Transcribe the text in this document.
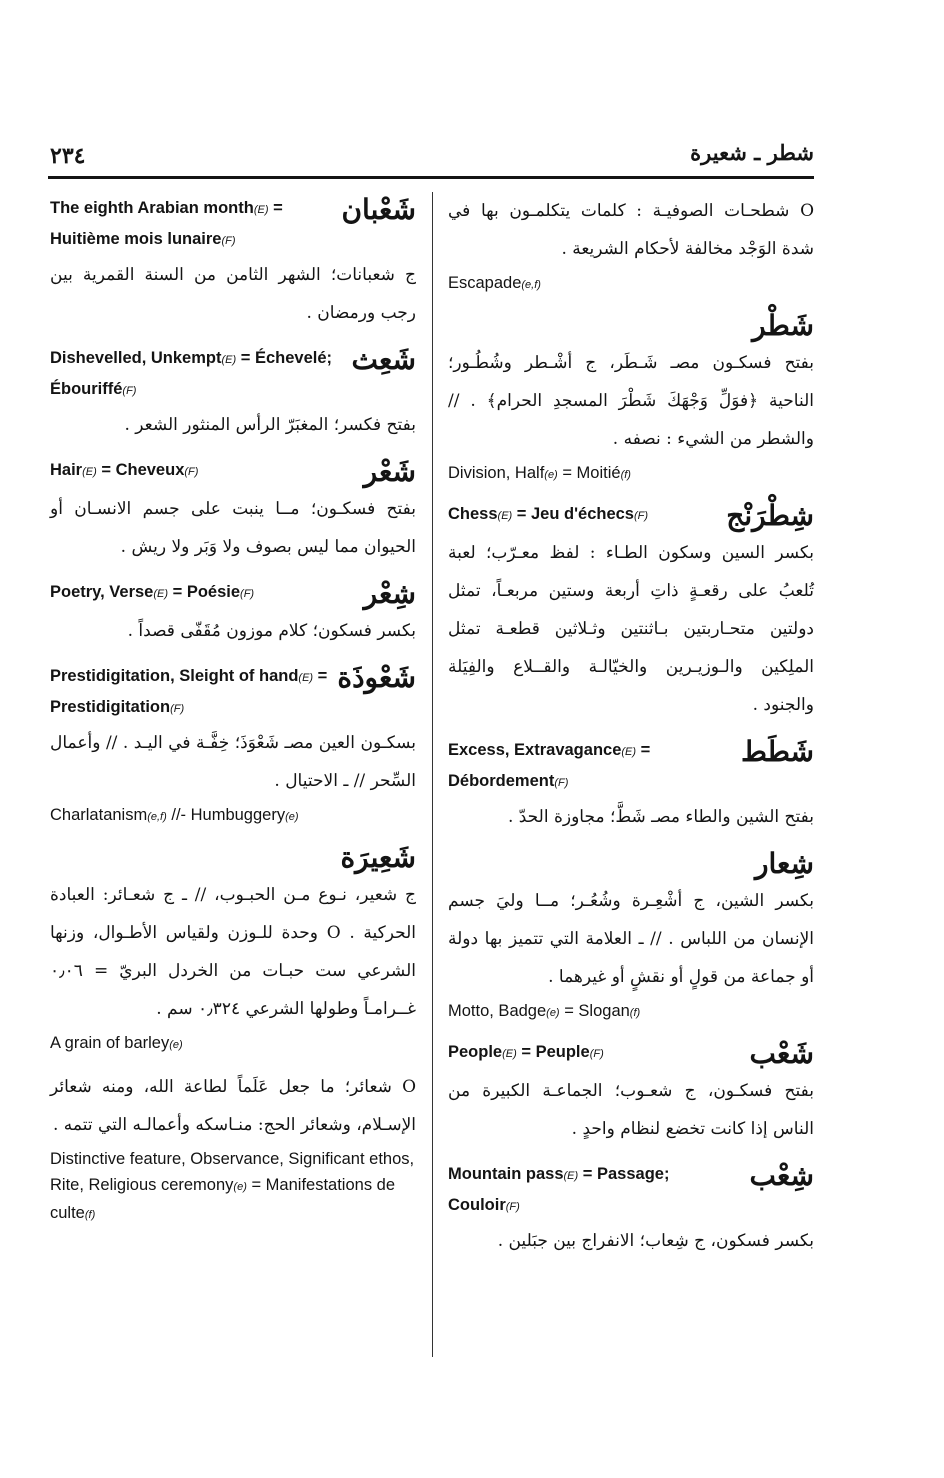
٢٣٤	شطر ـ شعيرة
The eighth Arabian month(E) = Huitième mois lunaire(F)
شَعْبان
ج شعبانات؛ الشهر الثامن من السنة القمرية بين رجب ورمضان .
Dishevelled, Unkempt(E) = Échevelé; Ébouriffé(F)
شَعِث
بفتح فكسر؛ المغبَرّ الرأس المنثور الشعر .
Hair(E) = Cheveux(F)	شَعْر
بفتح فسكـون؛ مــا ينبت على جسم الانسـان أو الحيوان مما ليس بصوف ولا وَبَر ولا ريش .
Poetry, Verse(E) = Poésie(F)	شِعْر
بكسر فسكون؛ كلام موزون مُقَفّى قصداً .
Prestidigitation, Sleight of hand(E) = Prestidigitation(F)
شَعْوذَة
بسكـون العين مصـ شَعْوَذَ؛ خِفَّـة في اليـد . // وأعمال السِّحر // ـ الاحتيال .
Charlatanism(e,f) //- Humbuggery(e)
شَعِيرَة
ج شعير، نـوع مـن الحبـوب، // ـ ج شعـائر: العبادة الحركية . O وحدة للـوزن ولقياس الأطـوال، وزنها الشرعي ست حبـات من الخردل البريّ = ٠٫٠٦ غــرامـاً وطولها الشرعي ٠٫٣٢٤ سم .
A grain of barley(e)
O شعائر؛ ما جعل عَلَماً لطاعة الله، ومنه شعائر الإسـلام، وشعائر الحج: منـاسكه وأعمالـه التي تتمه .
Distinctive feature, Observance, Significant ethos, Rite, Religious ceremony(e) = Manifestations de culte(f)
O شطحـات الصوفيـة : كلمات يتكلمـون بها في شدة الوَجْد مخالفة لأحكام الشريعة .
Escapade(e,f)
شَطْر
بفتح فسكـون مصـ شَـطَر، ج أشْـطر وشُطُـور؛ الناحية ﴿فوَلِّ وَجْهَكَ شَطْرَ المسجدِ الحرام﴾ . // والشطر من الشيء : نصفه .
Division, Half(e) = Moitié(f)
Chess(E) = Jeu d'échecs(F)	شِطْرَنْج
بكسر السين وسكون الطـاء : لفظ معـرّب؛ لعبة تُلعبُ على رقعـةٍ ذاتِ أربعة وستين مربعـاً، تمثل دولتين متحـاربتين بـاثنتين وثـلاثين قطعـة تمثل الملِكين والـوزيـرين والخيّالـة والقــلاع والفِيَلة والجنود .
Excess, Extravagance(E) = Débordement(F)
شَطَط
بفتح الشين والطاء مصـ شَطَّ؛ مجاوزة الحدّ .
شِعار
بكسر الشين، ج أشْعِـرة وشُعُـر؛ مــا وليَ جسم الإنسان من اللباس . // ـ العلامة التي تتميز بها دولة أو جماعة من قولٍ أو نقشٍ أو غيرهما .
Motto, Badge(e) = Slogan(f)
People(E) = Peuple(F)	شَعْب
بفتح فسكـون، ج شعـوب؛ الجماعـة الكبيرة من الناس إذا كانت تخضع لنظام واحدٍ .
Mountain pass(E) = Passage; Couloir(F)
شِعْب
بكسر فسكون، ج شِعاب؛ الانفراج بين جبَلين .
